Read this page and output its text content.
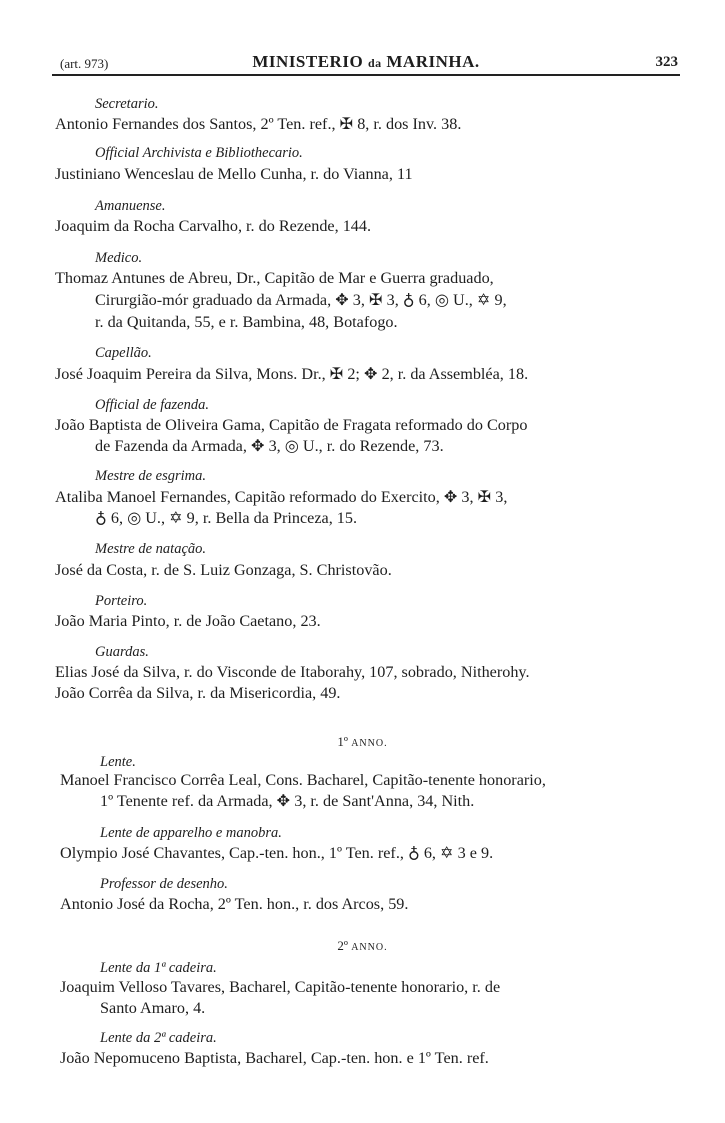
(art. 973)	MINISTERIO da MARINHA.	323
Secretario.
Antonio Fernandes dos Santos, 2º Ten. ref., ✠ 8, r. dos Inv. 38.
Official Archivista e Bibliothecario.
Justiniano Wenceslau de Mello Cunha, r. do Vianna, 11
Amanuense.
Joaquim da Rocha Carvalho, r. do Rezende, 144.
Medico.
Thomaz Antunes de Abreu, Dr., Capitão de Mar e Guerra graduado,
Cirurgião-mór graduado da Armada, ✥ 3, ✠ 3, ♁ 6, ◎ U., ✡ 9,
r. da Quitanda, 55, e r. Bambina, 48, Botafogo.
Capellão.
José Joaquim Pereira da Silva, Mons. Dr., ✠ 2; ✥ 2, r. da Assembléa, 18.
Official de fazenda.
João Baptista de Oliveira Gama, Capitão de Fragata reformado do Corpo
de Fazenda da Armada, ✥ 3, ◎ U., r. do Rezende, 73.
Mestre de esgrima.
Ataliba Manoel Fernandes, Capitão reformado do Exercito, ✥ 3, ✠ 3,
♁ 6, ◎ U., ✡ 9, r. Bella da Princeza, 15.
Mestre de natação.
José da Costa, r. de S. Luiz Gonzaga, S. Christovão.
Porteiro.
João Maria Pinto, r. de João Caetano, 23.
Guardas.
Elias José da Silva, r. do Visconde de Itaborahy, 107, sobrado, Nitherohy.
João Corrêa da Silva, r. da Misericordia, 49.
1º ANNO.
Lente.
Manoel Francisco Corrêa Leal, Cons. Bacharel, Capitão-tenente honorario,
1º Tenente ref. da Armada, ✥ 3, r. de Sant'Anna, 34, Nith.
Lente de apparelho e manobra.
Olympio José Chavantes, Cap.-ten. hon., 1º Ten. ref., ♁ 6, ✡ 3 e 9.
Professor de desenho.
Antonio José da Rocha, 2º Ten. hon., r. dos Arcos, 59.
2º ANNO.
Lente da 1ª cadeira.
Joaquim Velloso Tavares, Bacharel, Capitão-tenente honorario, r. de
Santo Amaro, 4.
Lente da 2ª cadeira.
João Nepomuceno Baptista, Bacharel, Cap.-ten. hon. e 1º Ten. ref.
